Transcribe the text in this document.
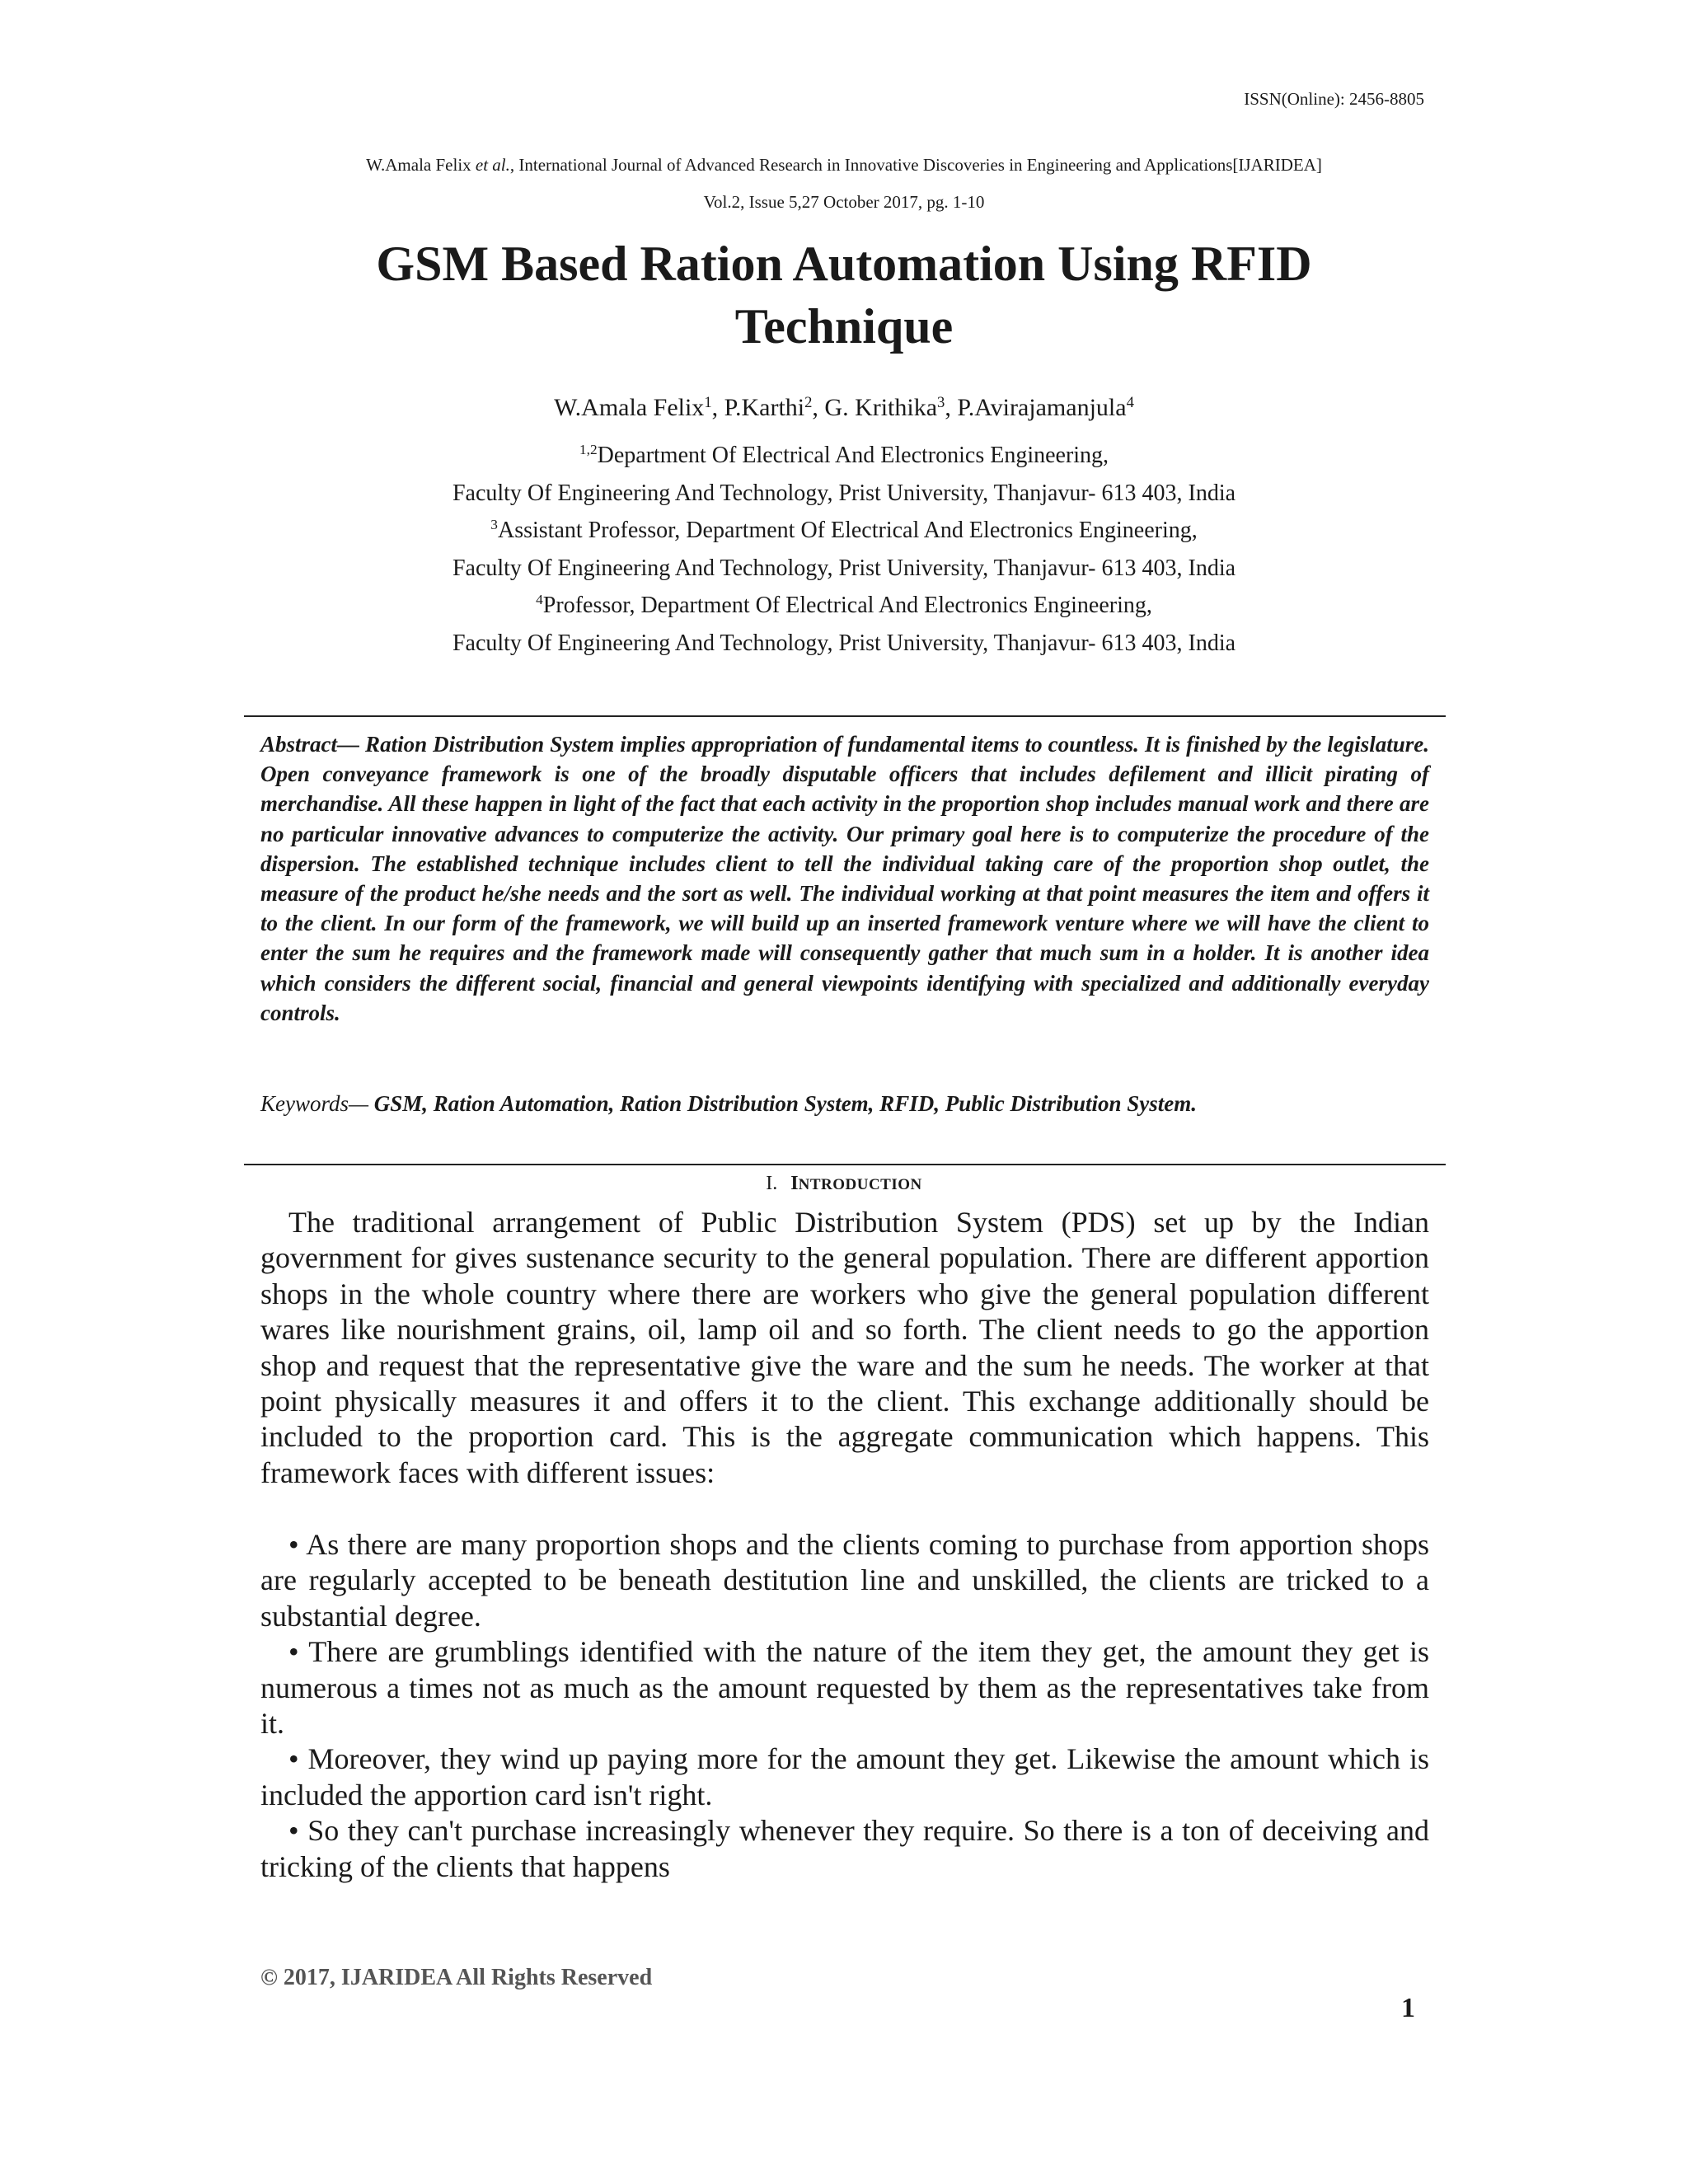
ISSN(Online): 2456-8805
W.Amala Felix et al., International Journal of Advanced Research in Innovative Discoveries in Engineering and Applications[IJARIDEA]
Vol.2, Issue 5,27 October 2017, pg. 1-10
GSM Based Ration Automation Using RFID Technique
W.Amala Felix$^1$, P.Karthi$^2$, G. Krithika$^3$, P.Avirajamanjula$^4$
$^{1,2}$Department Of Electrical And Electronics Engineering,
Faculty Of Engineering And Technology, Prist University, Thanjavur- 613 403, India
$^3$Assistant Professor, Department Of Electrical And Electronics Engineering,
Faculty Of Engineering And Technology, Prist University, Thanjavur- 613 403, India
$^4$Professor, Department Of Electrical And Electronics Engineering,
Faculty Of Engineering And Technology, Prist University, Thanjavur- 613 403, India

Abstract— Ration Distribution System implies appropriation of fundamental items to countless. It is finished by the legislature. Open conveyance framework is one of the broadly disputable officers that includes defilement and illicit pirating of merchandise. All these happen in light of the fact that each activity in the proportion shop includes manual work and there are no particular innovative advances to computerize the activity. Our primary goal here is to computerize the procedure of the dispersion. The established technique includes client to tell the individual taking care of the proportion shop outlet, the measure of the product he/she needs and the sort as well. The individual working at that point measures the item and offers it to the client. In our form of the framework, we will build up an inserted framework venture where we will have the client to enter the sum he requires and the framework made will consequently gather that much sum in a holder. It is another idea which considers the different social, financial and general viewpoints identifying with specialized and additionally everyday controls.

Keywords— GSM, Ration Automation, Ration Distribution System, RFID, Public Distribution System.
I. INTRODUCTION

The traditional arrangement of Public Distribution System (PDS) set up by the Indian government for gives sustenance security to the general population. There are different apportion shops in the whole country where there are workers who give the general population different wares like nourishment grains, oil, lamp oil and so forth. The client needs to go the apportion shop and request that the representative give the ware and the sum he needs. The worker at that point physically measures it and offers it to the client. This exchange additionally should be included to the proportion card. This is the aggregate communication which happens. This framework faces with different issues:

• As there are many proportion shops and the clients coming to purchase from apportion shops are regularly accepted to be beneath destitution line and unskilled, the clients are tricked to a substantial degree.

• There are grumblings identified with the nature of the item they get, the amount they get is numerous a times not as much as the amount requested by them as the representatives take from it.

• Moreover, they wind up paying more for the amount they get. Likewise the amount which is included the apportion card isn't right.

• So they can't purchase increasingly whenever they require. So there is a ton of deceiving and tricking of the clients that happens

© 2017, IJARIDEA All Rights Reserved
1
